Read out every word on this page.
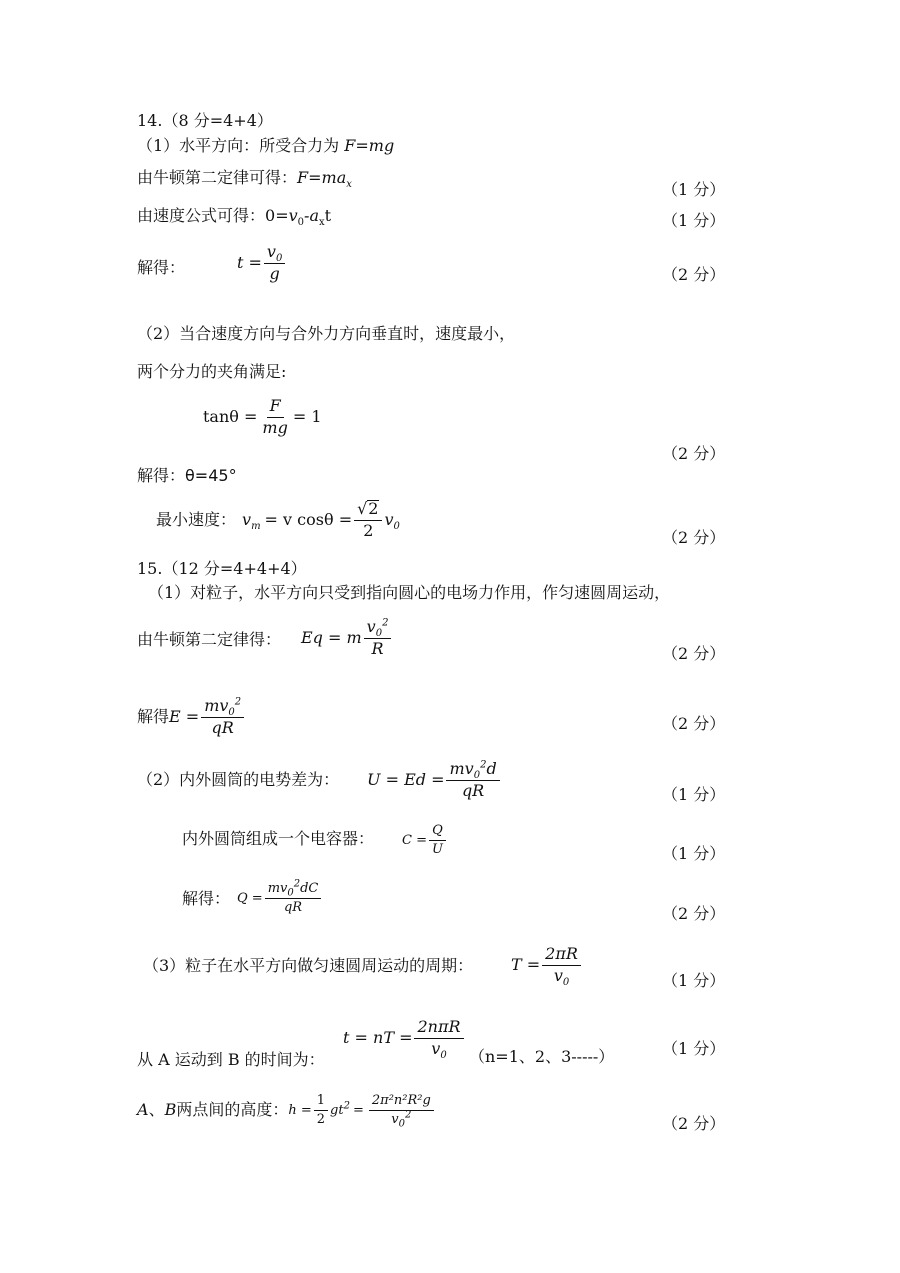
14.（8 分=4+4）
（1）水平方向：所受合力为 F=mg
由牛顿第二定律可得：$F=ma_x$	（1 分）
由速度公式可得：$0=v_0-a_xt$	（1 分）
解得：	$t = \frac{v_0}{g}$	（2 分）
（2）当合速度方向与合外力方向垂直时，速度最小，
两个分力的夹角满足:
$\tan\theta = \frac{F}{mg} = 1$
（2 分）
解得：θ=45°
最小速度： $v_m = v$ $\cos\theta = \frac{√2}{2} v_0$
（2 分）
15.（12 分=4+4+4）
（1）对粒子，水平方向只受到指向圆心的电场力作用，作匀速圆周运动，
由牛顿第二定律得： Eq = m $\frac{v_0^2}{R}$	（2 分）
解得 $E = \frac{mv_0^2}{qR}$	（2 分）
（2）内外圆筒的电势差为： $U = Ed = \frac{mv_0^2d}{qR}$	（1 分）
内外圆筒组成一个电容器： $C = \frac{Q}{U}$	（1 分）
解得： $Q = \frac{mv_0^2dC}{qR}$	（2 分）
（3）粒子在水平方向做匀速圆周运动的周期： $T = \frac{2\pi R}{v_0}$	（1 分）
t = nT = $\frac{\text{2nπR}}{v_0}$
从 A 运动到 B 的时间为：	（n=1、2、3-----）	（1 分）
A 、 B 两点间的高度： $h = \frac{1}{2} gt^2 = \frac{\text{2π²n²R²g}}{v_0^2}$	（2 分）
